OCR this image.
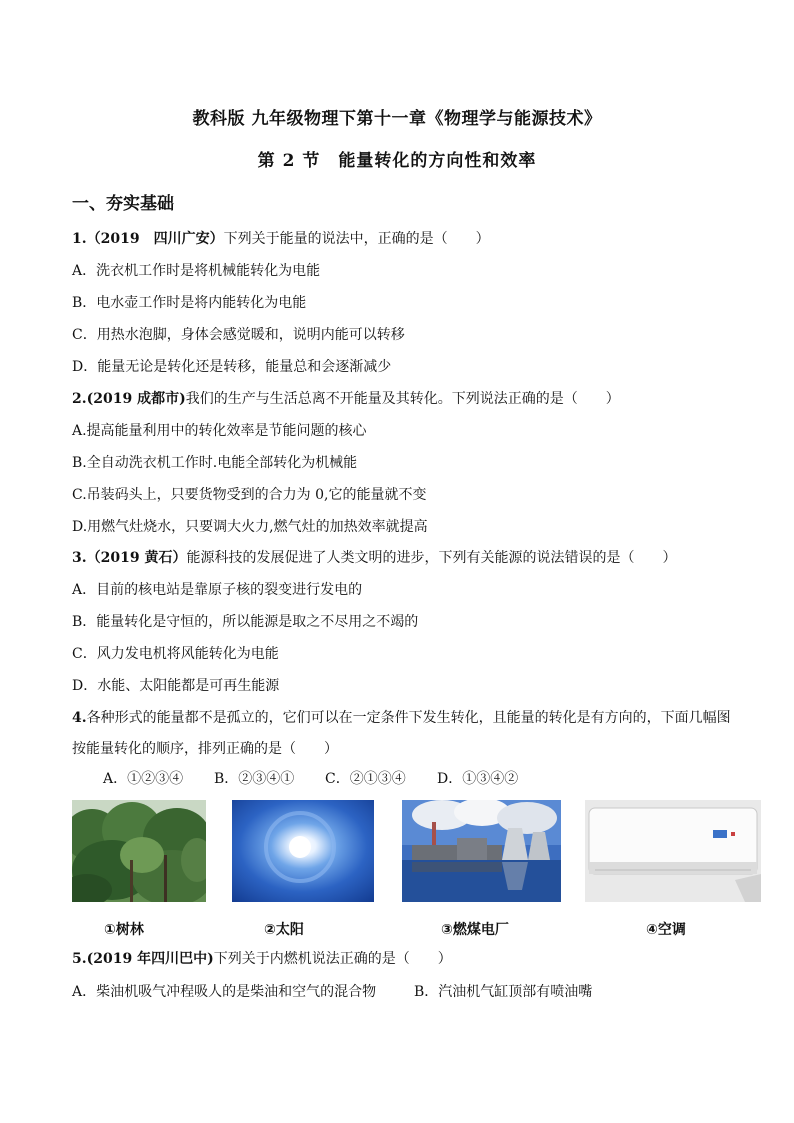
教科版 九年级物理下第十一章《物理学与能源技术》
第 2 节　能量转化的方向性和效率
一、夯实基础
1.（2019　四川广安）下列关于能量的说法中，正确的是（　　）
A．洗衣机工作时是将机械能转化为电能
B．电水壶工作时是将内能转化为电能
C．用热水泡脚，身体会感觉暖和，说明内能可以转移
D．能量无论是转化还是转移，能量总和会逐渐减少
2.(2019 成都市)我们的生产与生活总离不开能量及其转化。下列说法正确的是（　　）
A.提高能量利用中的转化效率是节能问题的核心
B.全自动洗衣机工作时.电能全部转化为机械能
C.吊装码头上，只要货物受到的合力为 0,它的能量就不变
D.用燃气灶烧水，只要调大火力,燃气灶的加热效率就提高
3.（2019 黄石）能源科技的发展促进了人类文明的进步，下列有关能源的说法错误的是（　　）
A．目前的核电站是靠原子核的裂变进行发电的
B．能量转化是守恒的，所以能源是取之不尽用之不竭的
C．风力发电机将风能转化为电能
D．水能、太阳能都是可再生能源
4.各种形式的能量都不是孤立的，它们可以在一定条件下发生转化，且能量的转化是有方向的，下面几幅图
按能量转化的顺序，排列正确的是（　　）
A．①②③④ B．②③④① C．②①③④ D．①③④②
①树林	②太阳	③燃煤电厂	④空调
5.(2019 年四川巴中)下列关于内燃机说法正确的是（　　）
A．柴油机吸气冲程吸人的是柴油和空气的混合物	B．汽油机气缸顶部有喷油嘴
